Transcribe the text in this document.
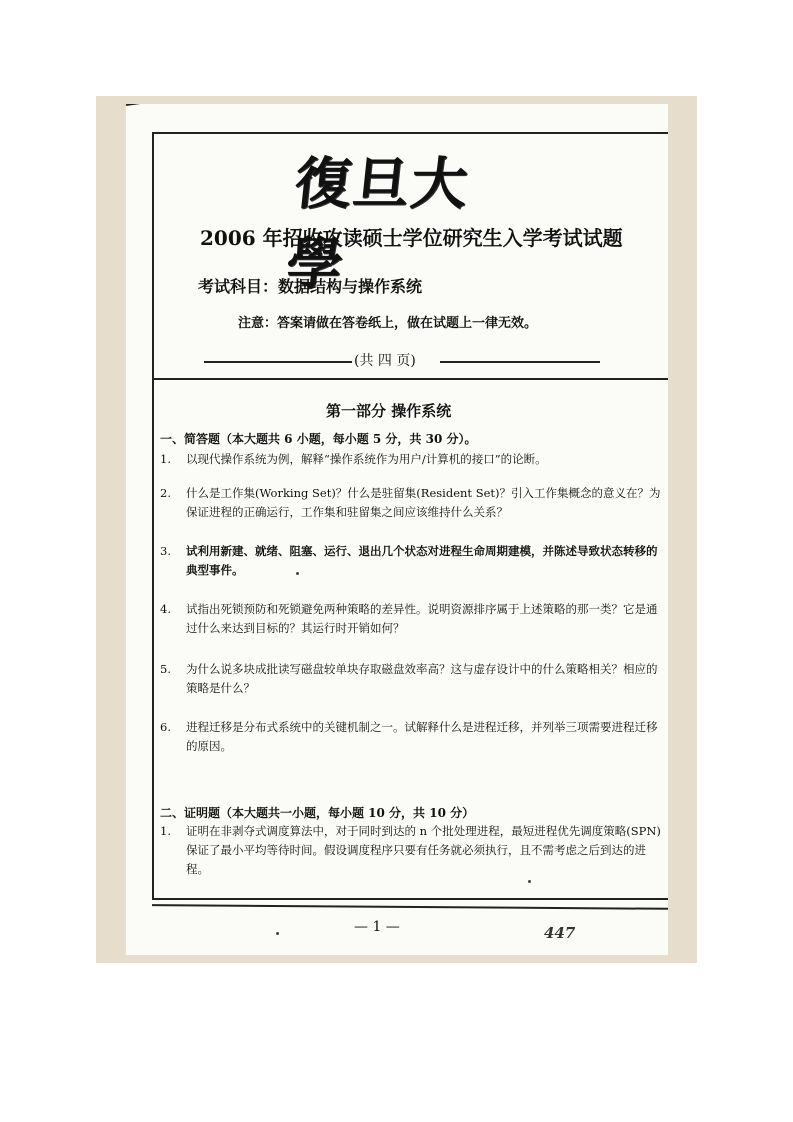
復旦大學
2006 年招收攻读硕士学位研究生入学考试试题
考试科目：数据结构与操作系统
注意：答案请做在答卷纸上，做在试题上一律无效。
(共 四 页)
第一部分 操作系统
一、简答题（本大题共 6 小题，每小题 5 分，共 30 分）。
1.	以现代操作系统为例，解释“操作系统作为用户/计算机的接口”的论断。
2.	什么是工作集(Working Set)？什么是驻留集(Resident Set)？引入工作集概念的意义在？为保证进程的正确运行，工作集和驻留集之间应该维持什么关系？
3.	试利用新建、就绪、阻塞、运行、退出几个状态对进程生命周期建模，并陈述导致状态转移的典型事件。
4.	试指出死锁预防和死锁避免两种策略的差异性。说明资源排序属于上述策略的那一类？它是通过什么来达到目标的？其运行时开销如何？
5.	为什么说多块成批读写磁盘较单块存取磁盘效率高？这与虚存设计中的什么策略相关？相应的策略是什么？
6.	进程迁移是分布式系统中的关键机制之一。试解释什么是进程迁移，并列举三项需要进程迁移的原因。
二、证明题（本大题共一小题，每小题 10 分，共 10 分）
1.	证明在非剥夺式调度算法中，对于同时到达的 n 个批处理进程，最短进程优先调度策略(SPN)保证了最小平均等待时间。假设调度程序只要有任务就必须执行，且不需考虑之后到达的进程。
— 1 —	447
